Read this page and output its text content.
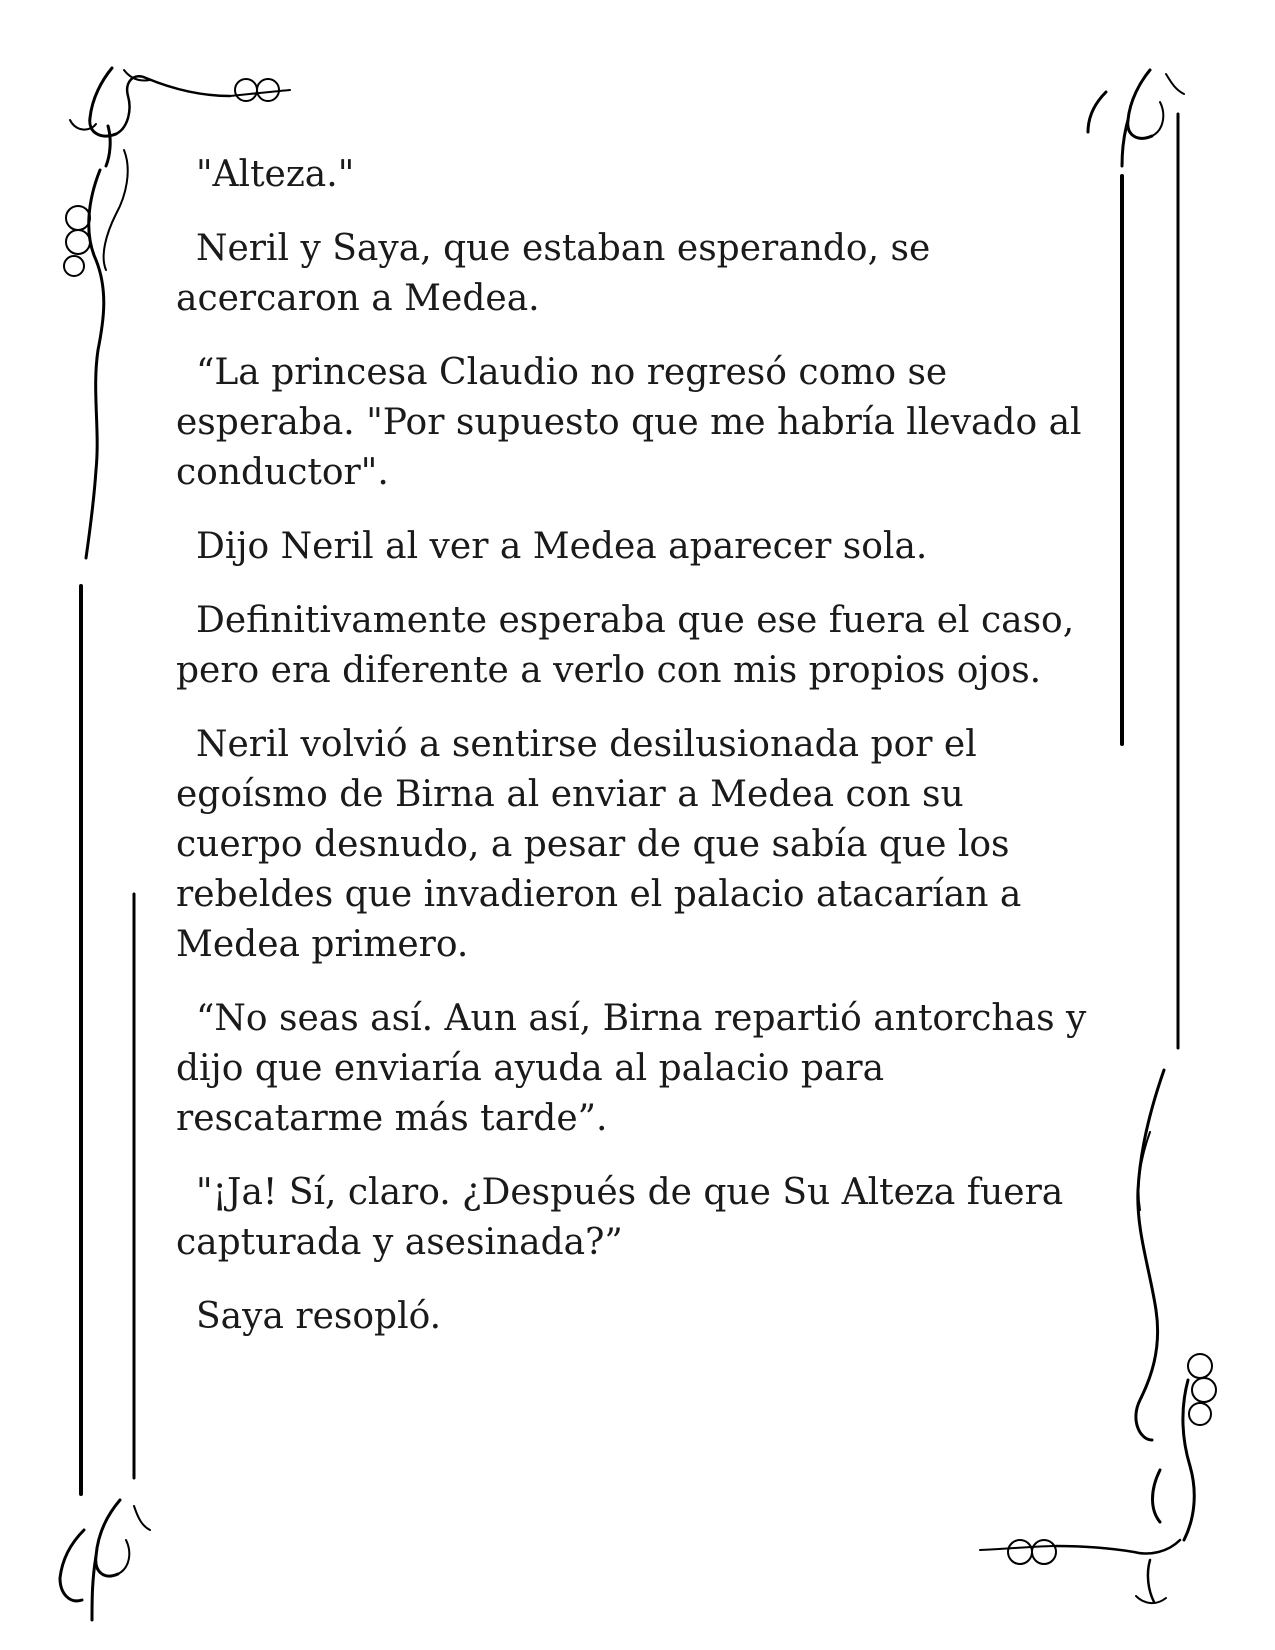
"Alteza."

Neril y Saya, que estaban esperando, se acercaron a Medea.

“La princesa Claudio no regresó como se esperaba. "Por supuesto que me habría llevado al conductor".

Dijo Neril al ver a Medea aparecer sola.

Definitivamente esperaba que ese fuera el caso, pero era diferente a verlo con mis propios ojos.

Neril volvió a sentirse desilusionada por el egoísmo de Birna al enviar a Medea con su cuerpo desnudo, a pesar de que sabía que los rebeldes que invadieron el palacio atacarían a Medea primero.

“No seas así. Aun así, Birna repartió antorchas y dijo que enviaría ayuda al palacio para rescatarme más tarde”.

"¡Ja! Sí, claro. ¿Después de que Su Alteza fuera capturada y asesinada?”

Saya resopló.
